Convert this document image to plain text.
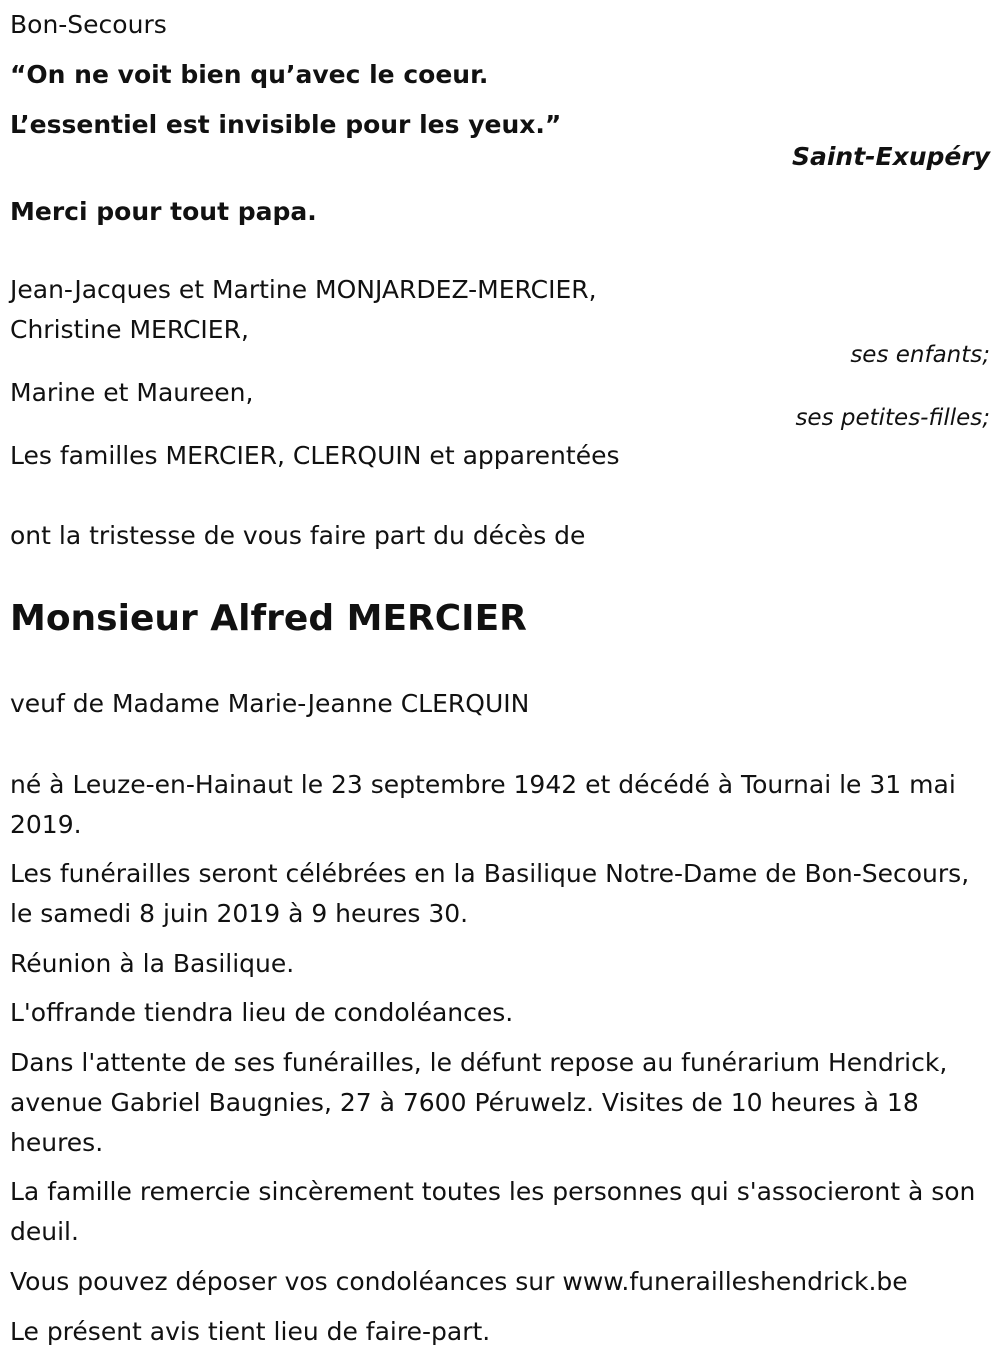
Bon-Secours
“On ne voit bien qu’avec le coeur.
L’essentiel est invisible pour les yeux.”
Saint-Exupéry
Merci pour tout papa.
Jean-Jacques et Martine MONJARDEZ-MERCIER,
Christine MERCIER,
ses enfants;
Marine et Maureen,
ses petites-filles;
Les familles MERCIER, CLERQUIN et apparentées
ont la tristesse de vous faire part du décès de
Monsieur Alfred MERCIER
veuf de Madame Marie-Jeanne CLERQUIN
né à Leuze-en-Hainaut le 23 septembre 1942 et décédé à Tournai le 31 mai 2019.
Les funérailles seront célébrées en la Basilique Notre-Dame de Bon-Secours, le samedi 8 juin 2019 à 9 heures 30.
Réunion à la Basilique.
L'offrande tiendra lieu de condoléances.
Dans l'attente de ses funérailles, le défunt repose au funérarium Hendrick, avenue Gabriel Baugnies, 27 à 7600 Péruwelz. Visites de 10 heures à 18 heures.
La famille remercie sincèrement toutes les personnes qui s'associeront à son deuil.
Vous pouvez déposer vos condoléances sur www.funerailleshendrick.be
Le présent avis tient lieu de faire-part.
